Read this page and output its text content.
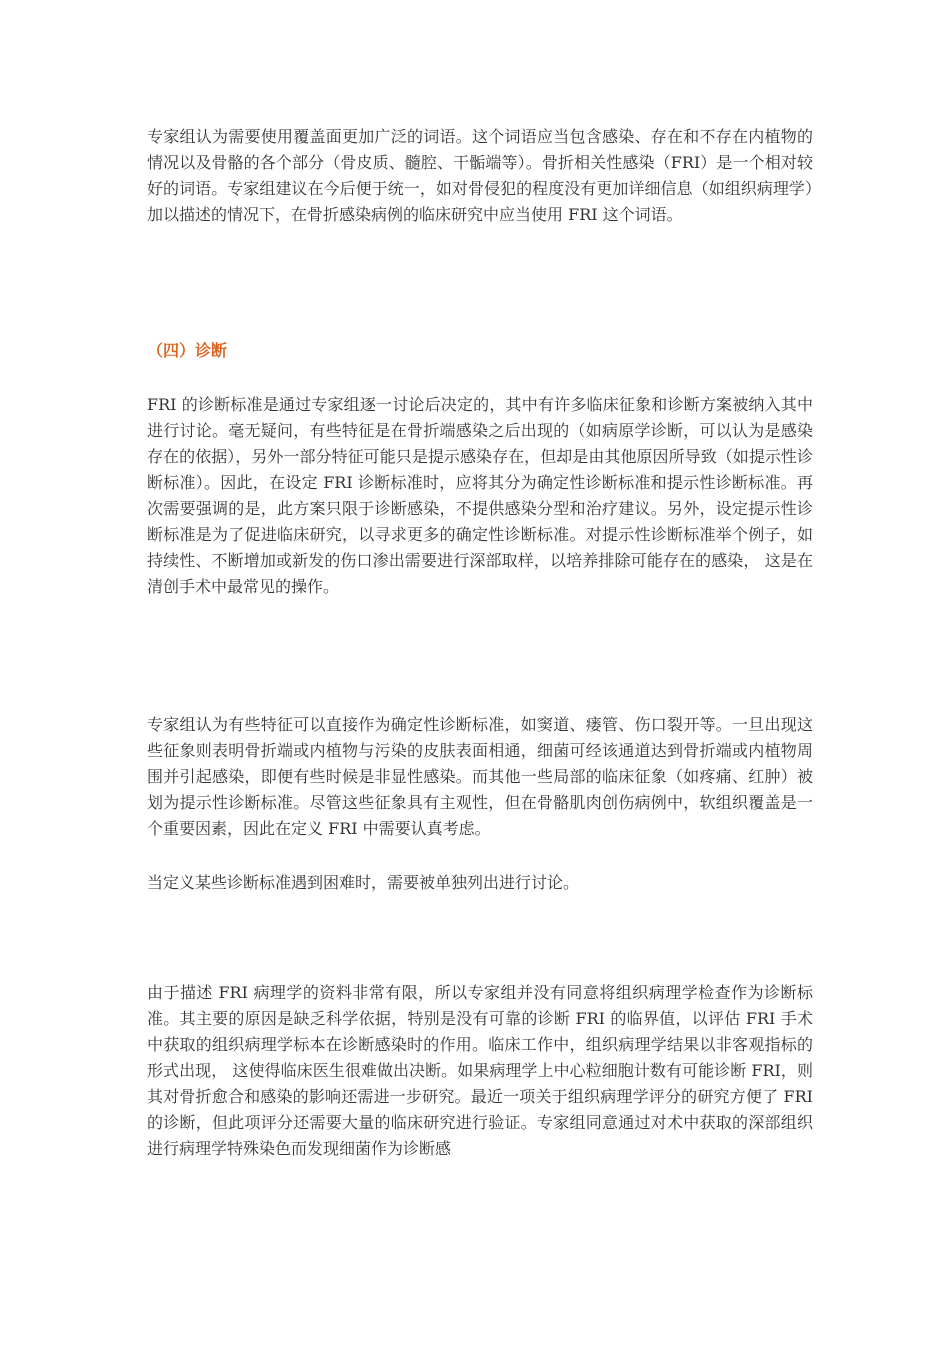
专家组认为需要使用覆盖面更加广泛的词语。这个词语应当包含感染、存在和不存在内植物的情况以及骨骼的各个部分（骨皮质、髓腔、干骺端等）。骨折相关性感染（FRI）是一个相对较好的词语。专家组建议在今后便于统一，如对骨侵犯的程度没有更加详细信息（如组织病理学）加以描述的情况下，在骨折感染病例的临床研究中应当使用 FRI 这个词语。

（四）诊断

FRI 的诊断标准是通过专家组逐一讨论后决定的，其中有许多临床征象和诊断方案被纳入其中进行讨论。毫无疑问，有些特征是在骨折端感染之后出现的（如病原学诊断，可以认为是感染存在的依据），另外一部分特征可能只是提示感染存在，但却是由其他原因所导致（如提示性诊断标准）。因此，在设定 FRI 诊断标准时，应将其分为确定性诊断标准和提示性诊断标准。再次需要强调的是，此方案只限于诊断感染，不提供感染分型和治疗建议。另外，设定提示性诊断标准是为了促进临床研究，以寻求更多的确定性诊断标准。对提示性诊断标准举个例子，如持续性、不断增加或新发的伤口渗出需要进行深部取样，以培养排除可能存在的感染， 这是在清创手术中最常见的操作。

专家组认为有些特征可以直接作为确定性诊断标准，如窦道、瘘管、伤口裂开等。一旦出现这些征象则表明骨折端或内植物与污染的皮肤表面相通，细菌可经该通道达到骨折端或内植物周围并引起感染，即便有些时候是非显性感染。而其他一些局部的临床征象（如疼痛、红肿）被划为提示性诊断标准。尽管这些征象具有主观性，但在骨骼肌肉创伤病例中，软组织覆盖是一个重要因素，因此在定义 FRI 中需要认真考虑。

当定义某些诊断标准遇到困难时，需要被单独列出进行讨论。

由于描述 FRI 病理学的资料非常有限，所以专家组并没有同意将组织病理学检查作为诊断标准。其主要的原因是缺乏科学依据，特别是没有可靠的诊断 FRI 的临界值，以评估 FRI 手术中获取的组织病理学标本在诊断感染时的作用。临床工作中，组织病理学结果以非客观指标的形式出现， 这使得临床医生很难做出决断。如果病理学上中心粒细胞计数有可能诊断 FRI，则其对骨折愈合和感染的影响还需进一步研究。最近一项关于组织病理学评分的研究方便了 FRI 的诊断，但此项评分还需要大量的临床研究进行验证。专家组同意通过对术中获取的深部组织进行病理学特殊染色而发现细菌作为诊断感
